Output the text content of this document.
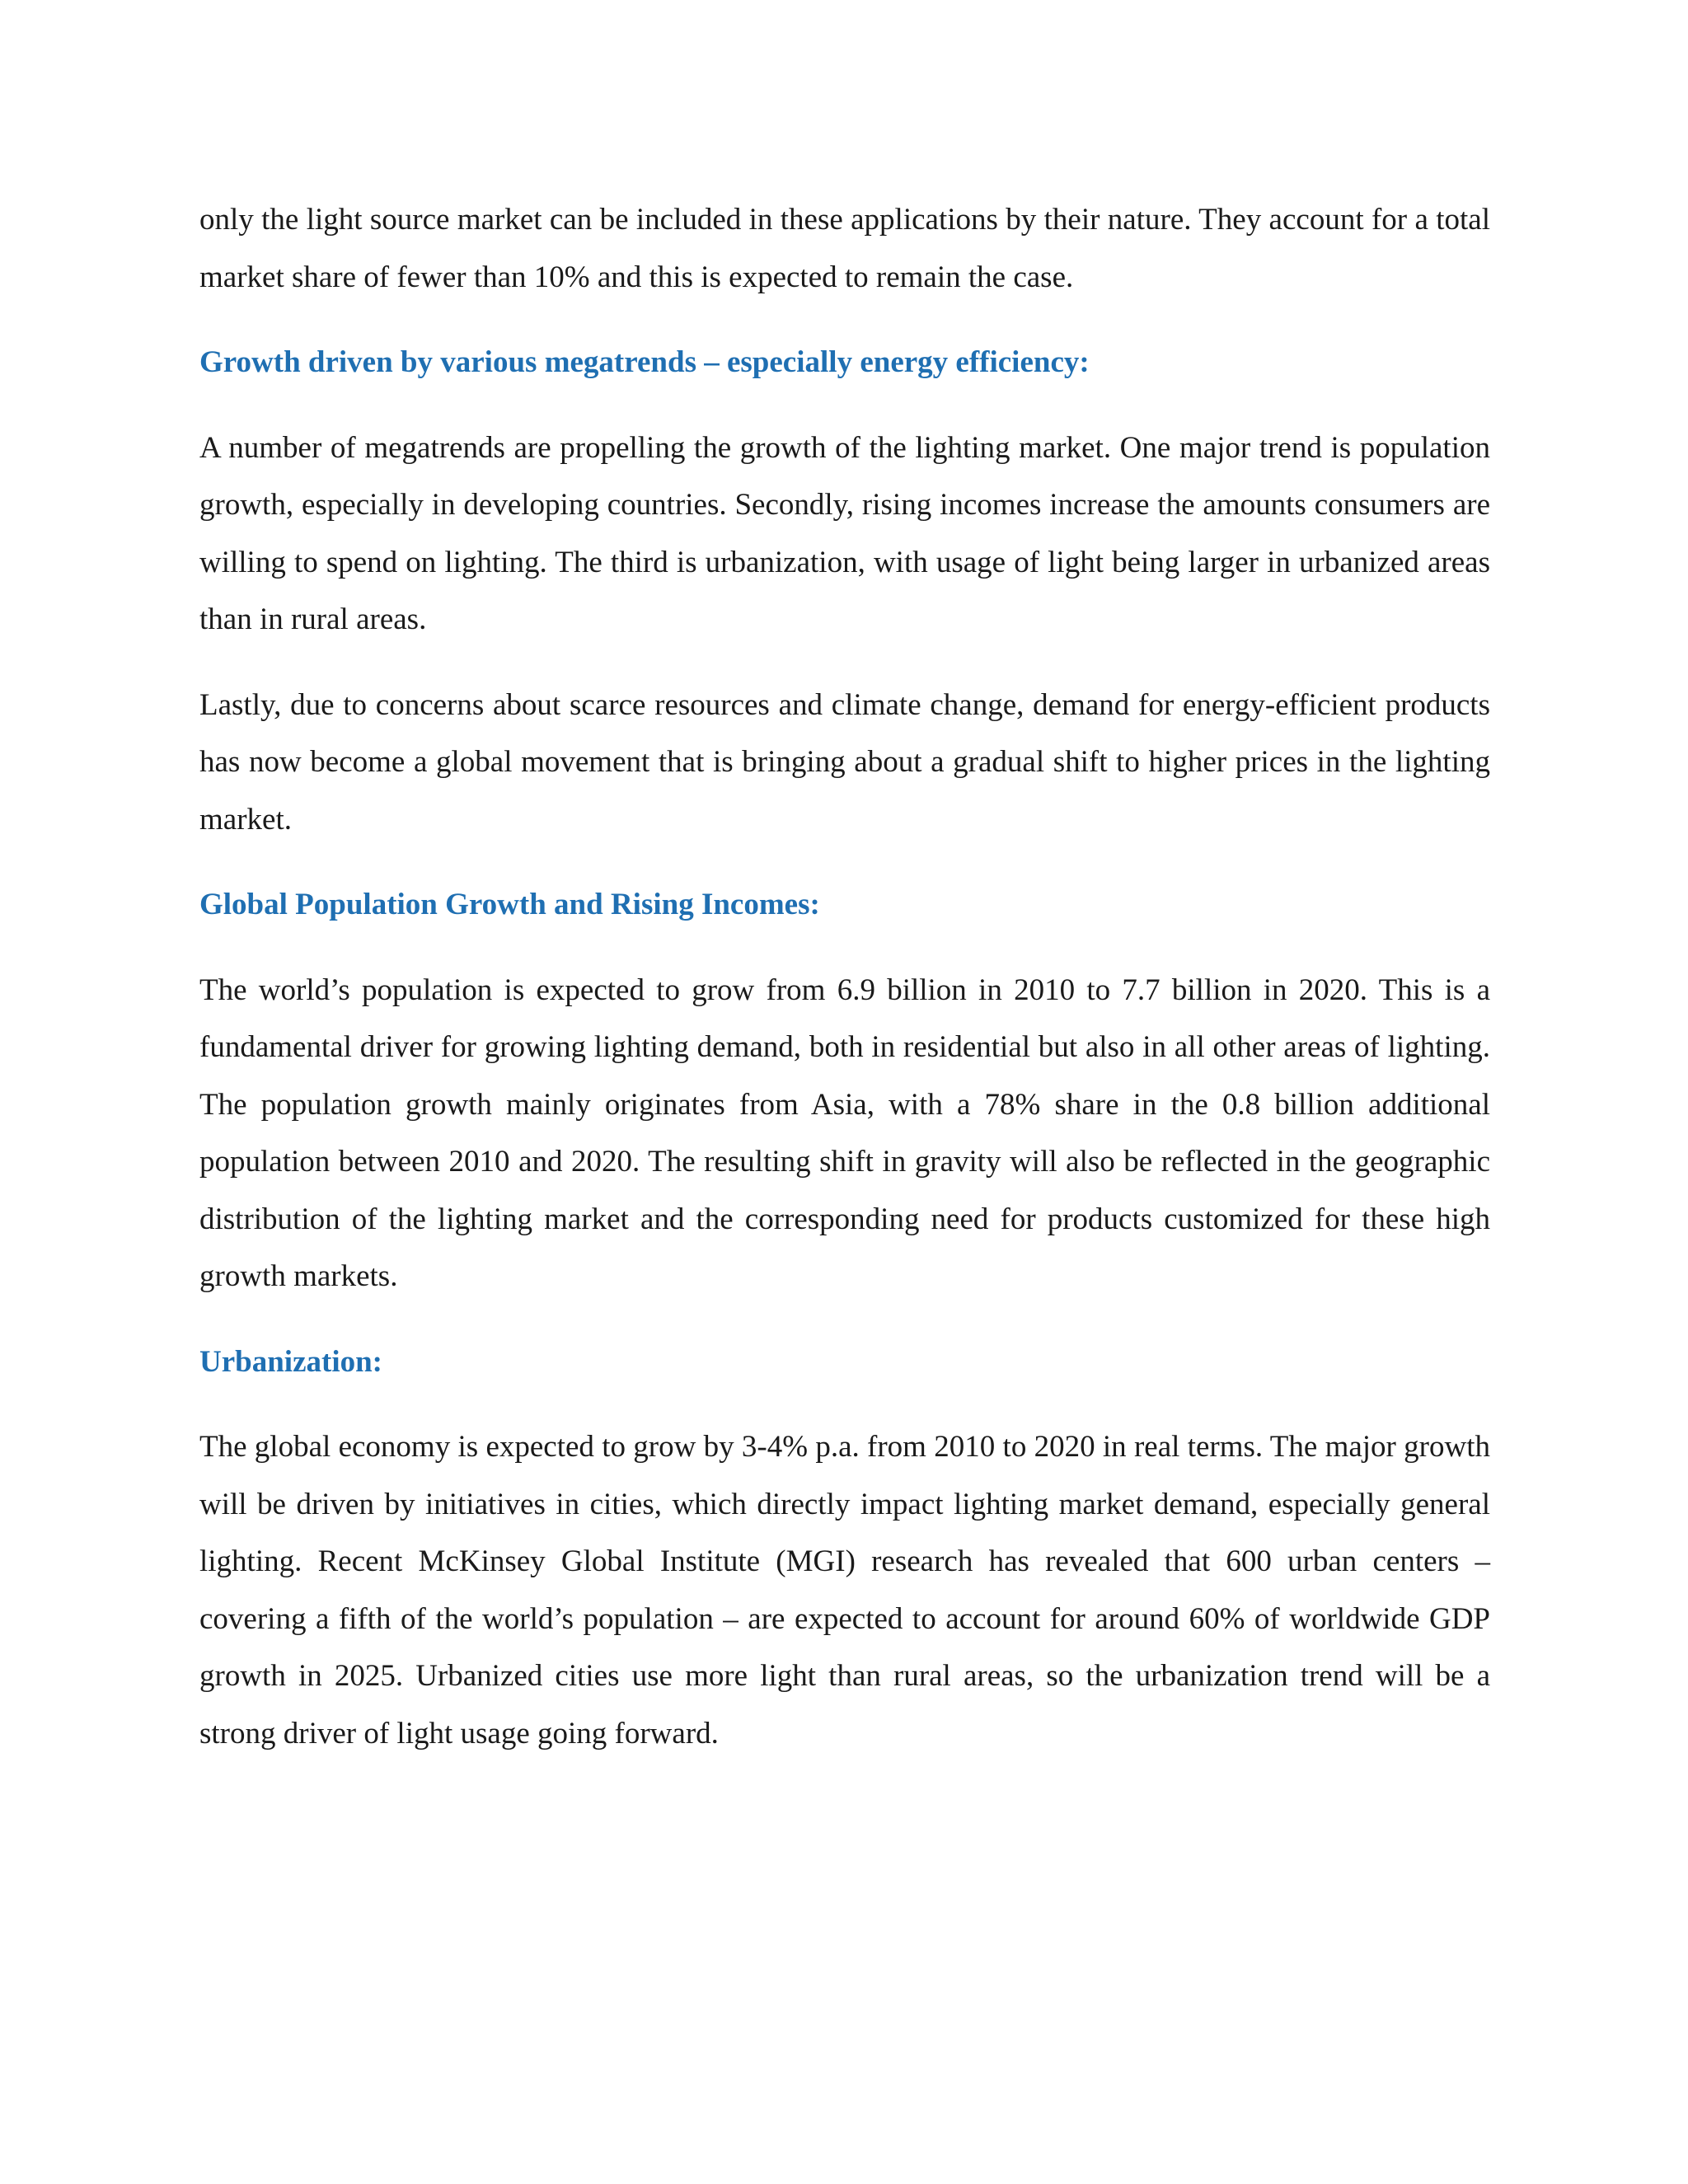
only the light source market can be included in these applications by their nature. They account for a total market share of fewer than 10% and this is expected to remain the case.

Growth driven by various megatrends – especially energy efficiency:

A number of megatrends are propelling the growth of the lighting market. One major trend is population growth, especially in developing countries. Secondly, rising incomes increase the amounts consumers are willing to spend on lighting. The third is urbanization, with usage of light being larger in urbanized areas than in rural areas.

Lastly, due to concerns about scarce resources and climate change, demand for energy-efficient products has now become a global movement that is bringing about a gradual shift to higher prices in the lighting market.

Global Population Growth and Rising Incomes:

The world’s population is expected to grow from 6.9 billion in 2010 to 7.7 billion in 2020. This is a fundamental driver for growing lighting demand, both in residential but also in all other areas of lighting. The population growth mainly originates from Asia, with a 78% share in the 0.8 billion additional population between 2010 and 2020. The resulting shift in gravity will also be reflected in the geographic distribution of the lighting market and the corresponding need for products customized for these high growth markets.

Urbanization:

The global economy is expected to grow by 3-4% p.a. from 2010 to 2020 in real terms. The major growth will be driven by initiatives in cities, which directly impact lighting market demand, especially general lighting. Recent McKinsey Global Institute (MGI) research has revealed that 600 urban centers – covering a fifth of the world’s population – are expected to account for around 60% of worldwide GDP growth in 2025. Urbanized cities use more light than rural areas, so the urbanization trend will be a strong driver of light usage going forward.
